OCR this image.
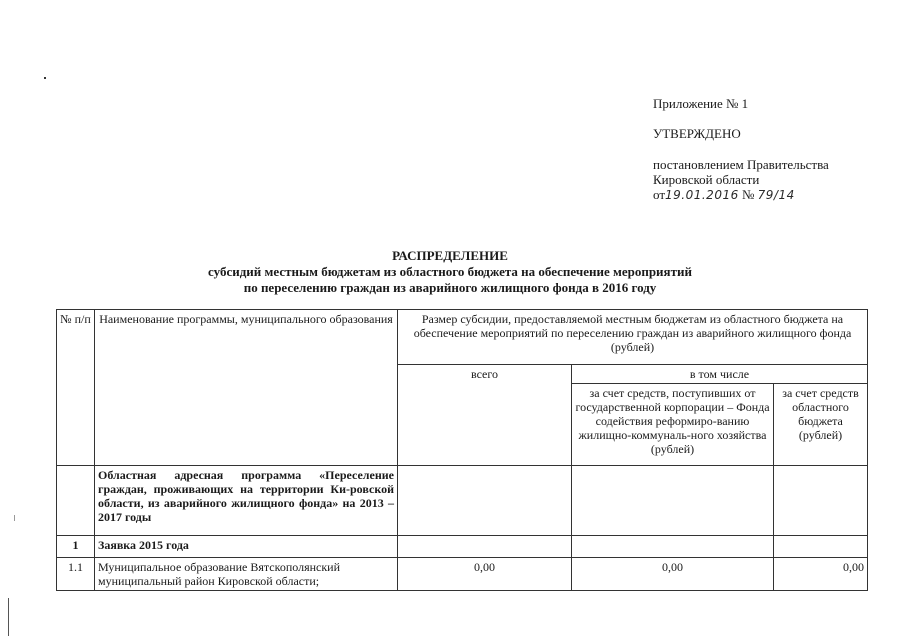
Приложение № 1
УТВЕРЖДЕНО
постановлением Правительства
Кировской области
от19.01.2016 № 79/14
РАСПРЕДЕЛЕНИЕ
субсидий местным бюджетам из областного бюджета на обеспечение мероприятий
по переселению граждан из аварийного жилищного фонда в 2016 году
№ п/п	Наименование программы, муниципального образования	Размер субсидии, предоставляемой местным бюджетам из областного бюджета на обеспечение мероприятий по переселению граждан из аварийного жилищного фонда (рублей)		
		всего	в том числе	
			за счет средств, поступивших от государственной корпорации – Фонда содействия реформиро-ванию жилищно-коммуналь-ного хозяйства (рублей)	за счет средств областного бюджета (рублей)
	Областная адресная программа «Переселение граждан, проживающих на территории Ки-ровской области, из аварийного жилищного фонда» на 2013 – 2017 годы			
1	Заявка 2015 года			
1.1	Муниципальное образование Вятскополянский муниципальный район Кировской области;	0,00	0,00	0,00
